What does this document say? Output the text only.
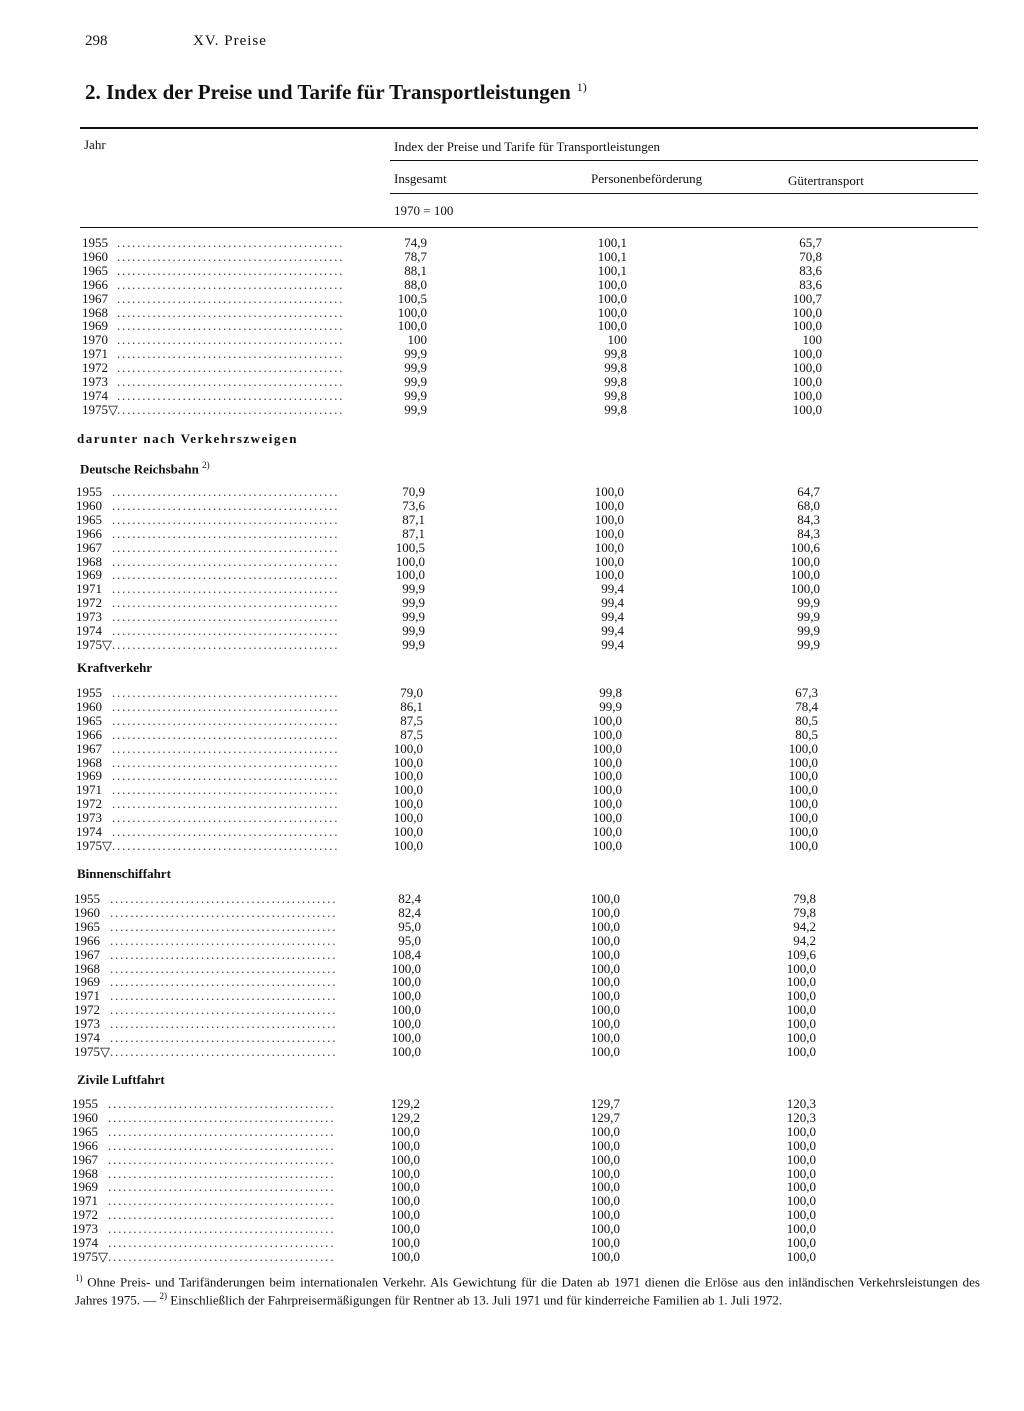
298	XV. Preise
2. Index der Preise und Tarife für Transportleistungen $^{1)}$
Jahr	Index der Preise und Tarife für Transportleistungen
Insgesamt	Personenbeförderung	Gütertransport
1970 = 100
darunter nach Verkehrszweigen
Deutsche Reichsbahn $^{2)}$
Kraftverkehr
Binnenschiffahrt
Zivile Luftfahrt
1955 .............................................	74,9	100,1	65,7
1960 .............................................	78,7	100,1	70,8
1965 .............................................	88,1	100,1	83,6
1966 .............................................	88,0	100,0	83,6
1967 .............................................	100,5	100,0	100,7
1968 .............................................	100,0	100,0	100,0
1969 .............................................	100,0	100,0	100,0
1970 .............................................	100	100	100
1971 .............................................	99,9	99,8	100,0
1972 .............................................	99,9	99,8	100,0
1973 .............................................	99,9	99,8	100,0
1974 .............................................	99,9	99,8	100,0
1975▽ .............................................	99,9	99,8	100,0
1955 .............................................	70,9	100,0	64,7
1960 .............................................	73,6	100,0	68,0
1965 .............................................	87,1	100,0	84,3
1966 .............................................	87,1	100,0	84,3
1967 .............................................	100,5	100,0	100,6
1968 .............................................	100,0	100,0	100,0
1969 .............................................	100,0	100,0	100,0
1971 .............................................	99,9	99,4	100,0
1972 .............................................	99,9	99,4	99,9
1973 .............................................	99,9	99,4	99,9
1974 .............................................	99,9	99,4	99,9
1975▽ .............................................	99,9	99,4	99,9
1955 .............................................	79,0	99,8	67,3
1960 .............................................	86,1	99,9	78,4
1965 .............................................	87,5	100,0	80,5
1966 .............................................	87,5	100,0	80,5
1967 .............................................	100,0	100,0	100,0
1968 .............................................	100,0	100,0	100,0
1969 .............................................	100,0	100,0	100,0
1971 .............................................	100,0	100,0	100,0
1972 .............................................	100,0	100,0	100,0
1973 .............................................	100,0	100,0	100,0
1974 .............................................	100,0	100,0	100,0
1975▽ .............................................	100,0	100,0	100,0
1955 .............................................	82,4	100,0	79,8
1960 .............................................	82,4	100,0	79,8
1965 .............................................	95,0	100,0	94,2
1966 .............................................	95,0	100,0	94,2
1967 .............................................	108,4	100,0	109,6
1968 .............................................	100,0	100,0	100,0
1969 .............................................	100,0	100,0	100,0
1971 .............................................	100,0	100,0	100,0
1972 .............................................	100,0	100,0	100,0
1973 .............................................	100,0	100,0	100,0
1974 .............................................	100,0	100,0	100,0
1975▽ .............................................	100,0	100,0	100,0
1955 .............................................	129,2	129,7	120,3
1960 .............................................	129,2	129,7	120,3
1965 .............................................	100,0	100,0	100,0
1966 .............................................	100,0	100,0	100,0
1967 .............................................	100,0	100,0	100,0
1968 .............................................	100,0	100,0	100,0
1969 .............................................	100,0	100,0	100,0
1971 .............................................	100,0	100,0	100,0
1972 .............................................	100,0	100,0	100,0
1973 .............................................	100,0	100,0	100,0
1974 .............................................	100,0	100,0	100,0
1975▽ .............................................	100,0	100,0	100,0
$^{1)}$ Ohne Preis- und Tarifänderungen beim internationalen Verkehr. Als Gewichtung für die Daten ab 1971 dienen die Erlöse aus den inländischen Verkehrsleistungen des Jahres 1975. — $^{2)}$ Einschließlich der Fahrpreisermäßigungen für Rentner ab 13. Juli 1971 und für kinderreiche Familien ab 1. Juli 1972.
